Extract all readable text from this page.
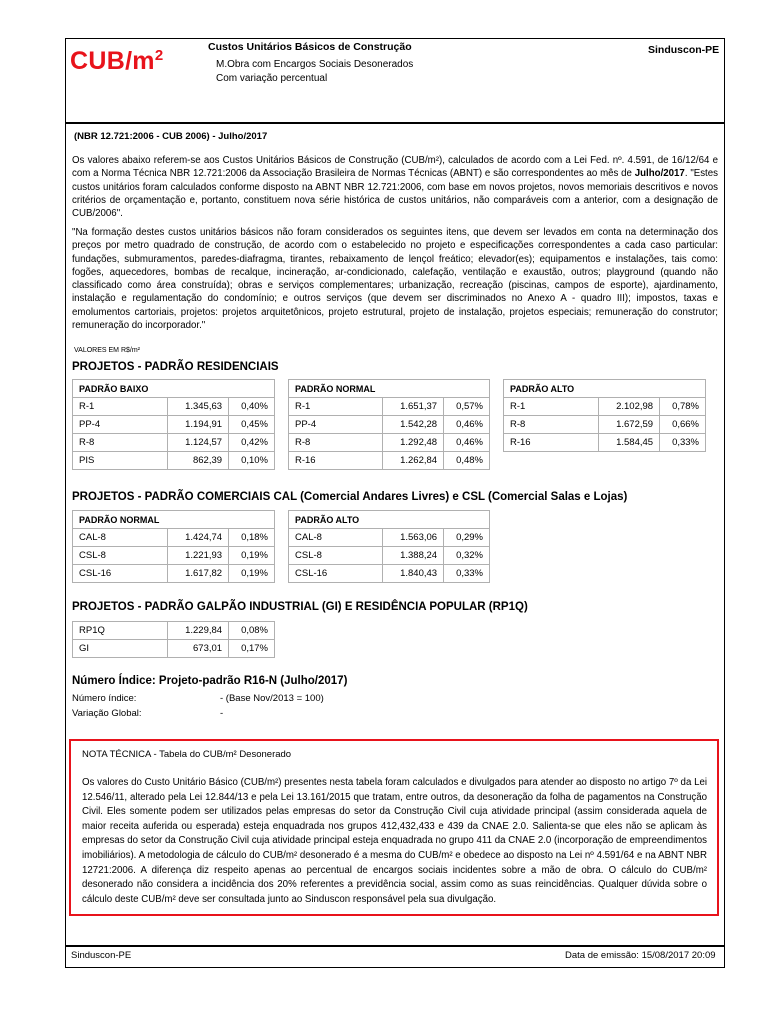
CUB/$m^2$	Custos Unitários Básicos de Construção
M.Obra com Encargos Sociais Desonerados
Com variação percentual
Sinduscon-PE
(NBR 12.721:2006 - CUB 2006) - Julho/2017
Os valores abaixo referem-se aos Custos Unitários Básicos de Construção (CUB/m²), calculados de acordo com a Lei Fed. nº. 4.591, de 16/12/64 e com a Norma Técnica NBR 12.721:2006 da Associação Brasileira de Normas Técnicas (ABNT) e são correspondentes ao mês de Julho/2017. "Estes custos unitários foram calculados conforme disposto na ABNT NBR 12.721:2006, com base em novos projetos, novos memoriais descritivos e novos critérios de orçamentação e, portanto, constituem nova série histórica de custos unitários, não comparáveis com a anterior, com a designação de CUB/2006".
"Na formação destes custos unitários básicos não foram considerados os seguintes itens, que devem ser levados em conta na determinação dos preços por metro quadrado de construção, de acordo com o estabelecido no projeto e especificações correspondentes a cada caso particular: fundações, submuramentos, paredes-diafragma, tirantes, rebaixamento de lençol freático; elevador(es); equipamentos e instalações, tais como: fogões, aquecedores, bombas de recalque, incineração, ar-condicionado, calefação, ventilação e exaustão, outros; playground (quando não classificado como área construída); obras e serviços complementares; urbanização, recreação (piscinas, campos de esporte), ajardinamento, instalação e regulamentação do condomínio; e outros serviços (que devem ser discriminados no Anexo A - quadro III); impostos, taxas e emolumentos cartoriais, projetos: projetos arquitetônicos, projeto estrutural, projeto de instalação, projetos especiais; remuneração do construtor; remuneração do incorporador."
VALORES EM R$/m²
PROJETOS - PADRÃO RESIDENCIAIS
PADRÃO BAIXO		
R-1	1.345,63	0,40%
PP-4	1.194,91	0,45%
R-8	1.124,57	0,42%
PIS	862,39	0,10%
PADRÃO NORMAL		
R-1	1.651,37	0,57%
PP-4	1.542,28	0,46%
R-8	1.292,48	0,46%
R-16	1.262,84	0,48%
PADRÃO ALTO		
R-1	2.102,98	0,78%
R-8	1.672,59	0,66%
R-16	1.584,45	0,33%
PROJETOS - PADRÃO COMERCIAIS CAL (Comercial Andares Livres) e CSL (Comercial Salas e Lojas)
PADRÃO NORMAL		
CAL-8	1.424,74	0,18%
CSL-8	1.221,93	0,19%
CSL-16	1.617,82	0,19%
PADRÃO ALTO		
CAL-8	1.563,06	0,29%
CSL-8	1.388,24	0,32%
CSL-16	1.840,43	0,33%
PROJETOS - PADRÃO GALPÃO INDUSTRIAL (GI) E RESIDÊNCIA POPULAR (RP1Q)
RP1Q	1.229,84	0,08%
GI	673,01	0,17%
Número Índice: Projeto-padrão R16-N (Julho/2017)
Número índice:	- (Base Nov/2013 = 100)
Variação Global:	-
NOTA TÉCNICA - Tabela do CUB/m² Desonerado
Os valores do Custo Unitário Básico (CUB/m²) presentes nesta tabela foram calculados e divulgados para atender ao disposto no artigo 7º da Lei 12.546/11, alterado pela Lei 12.844/13 e pela Lei 13.161/2015 que tratam, entre outros, da desoneração da folha de pagamentos na Construção Civil. Eles somente podem ser utilizados pelas empresas do setor da Construção Civil cuja atividade principal (assim considerada aquela de maior receita auferida ou esperada) esteja enquadrada nos grupos 412,432,433 e 439 da CNAE 2.0. Salienta-se que eles não se aplicam às empresas do setor da Construção Civil cuja atividade principal esteja enquadrada no grupo 411 da CNAE 2.0 (incorporação de empreendimentos imobiliários). A metodologia de cálculo do CUB/m² desonerado é a mesma do CUB/m² e obedece ao disposto na Lei nº 4.591/64 e na ABNT NBR 12721:2006. A diferença diz respeito apenas ao percentual de encargos sociais incidentes sobre a mão de obra. O cálculo do CUB/m² desonerado não considera a incidência dos 20% referentes a previdência social, assim como as suas reincidências. Qualquer dúvida sobre o cálculo deste CUB/m² deve ser consultada junto ao Sinduscon responsável pela sua divulgação.
Sinduscon-PE	Data de emissão: 15/08/2017 20:09
